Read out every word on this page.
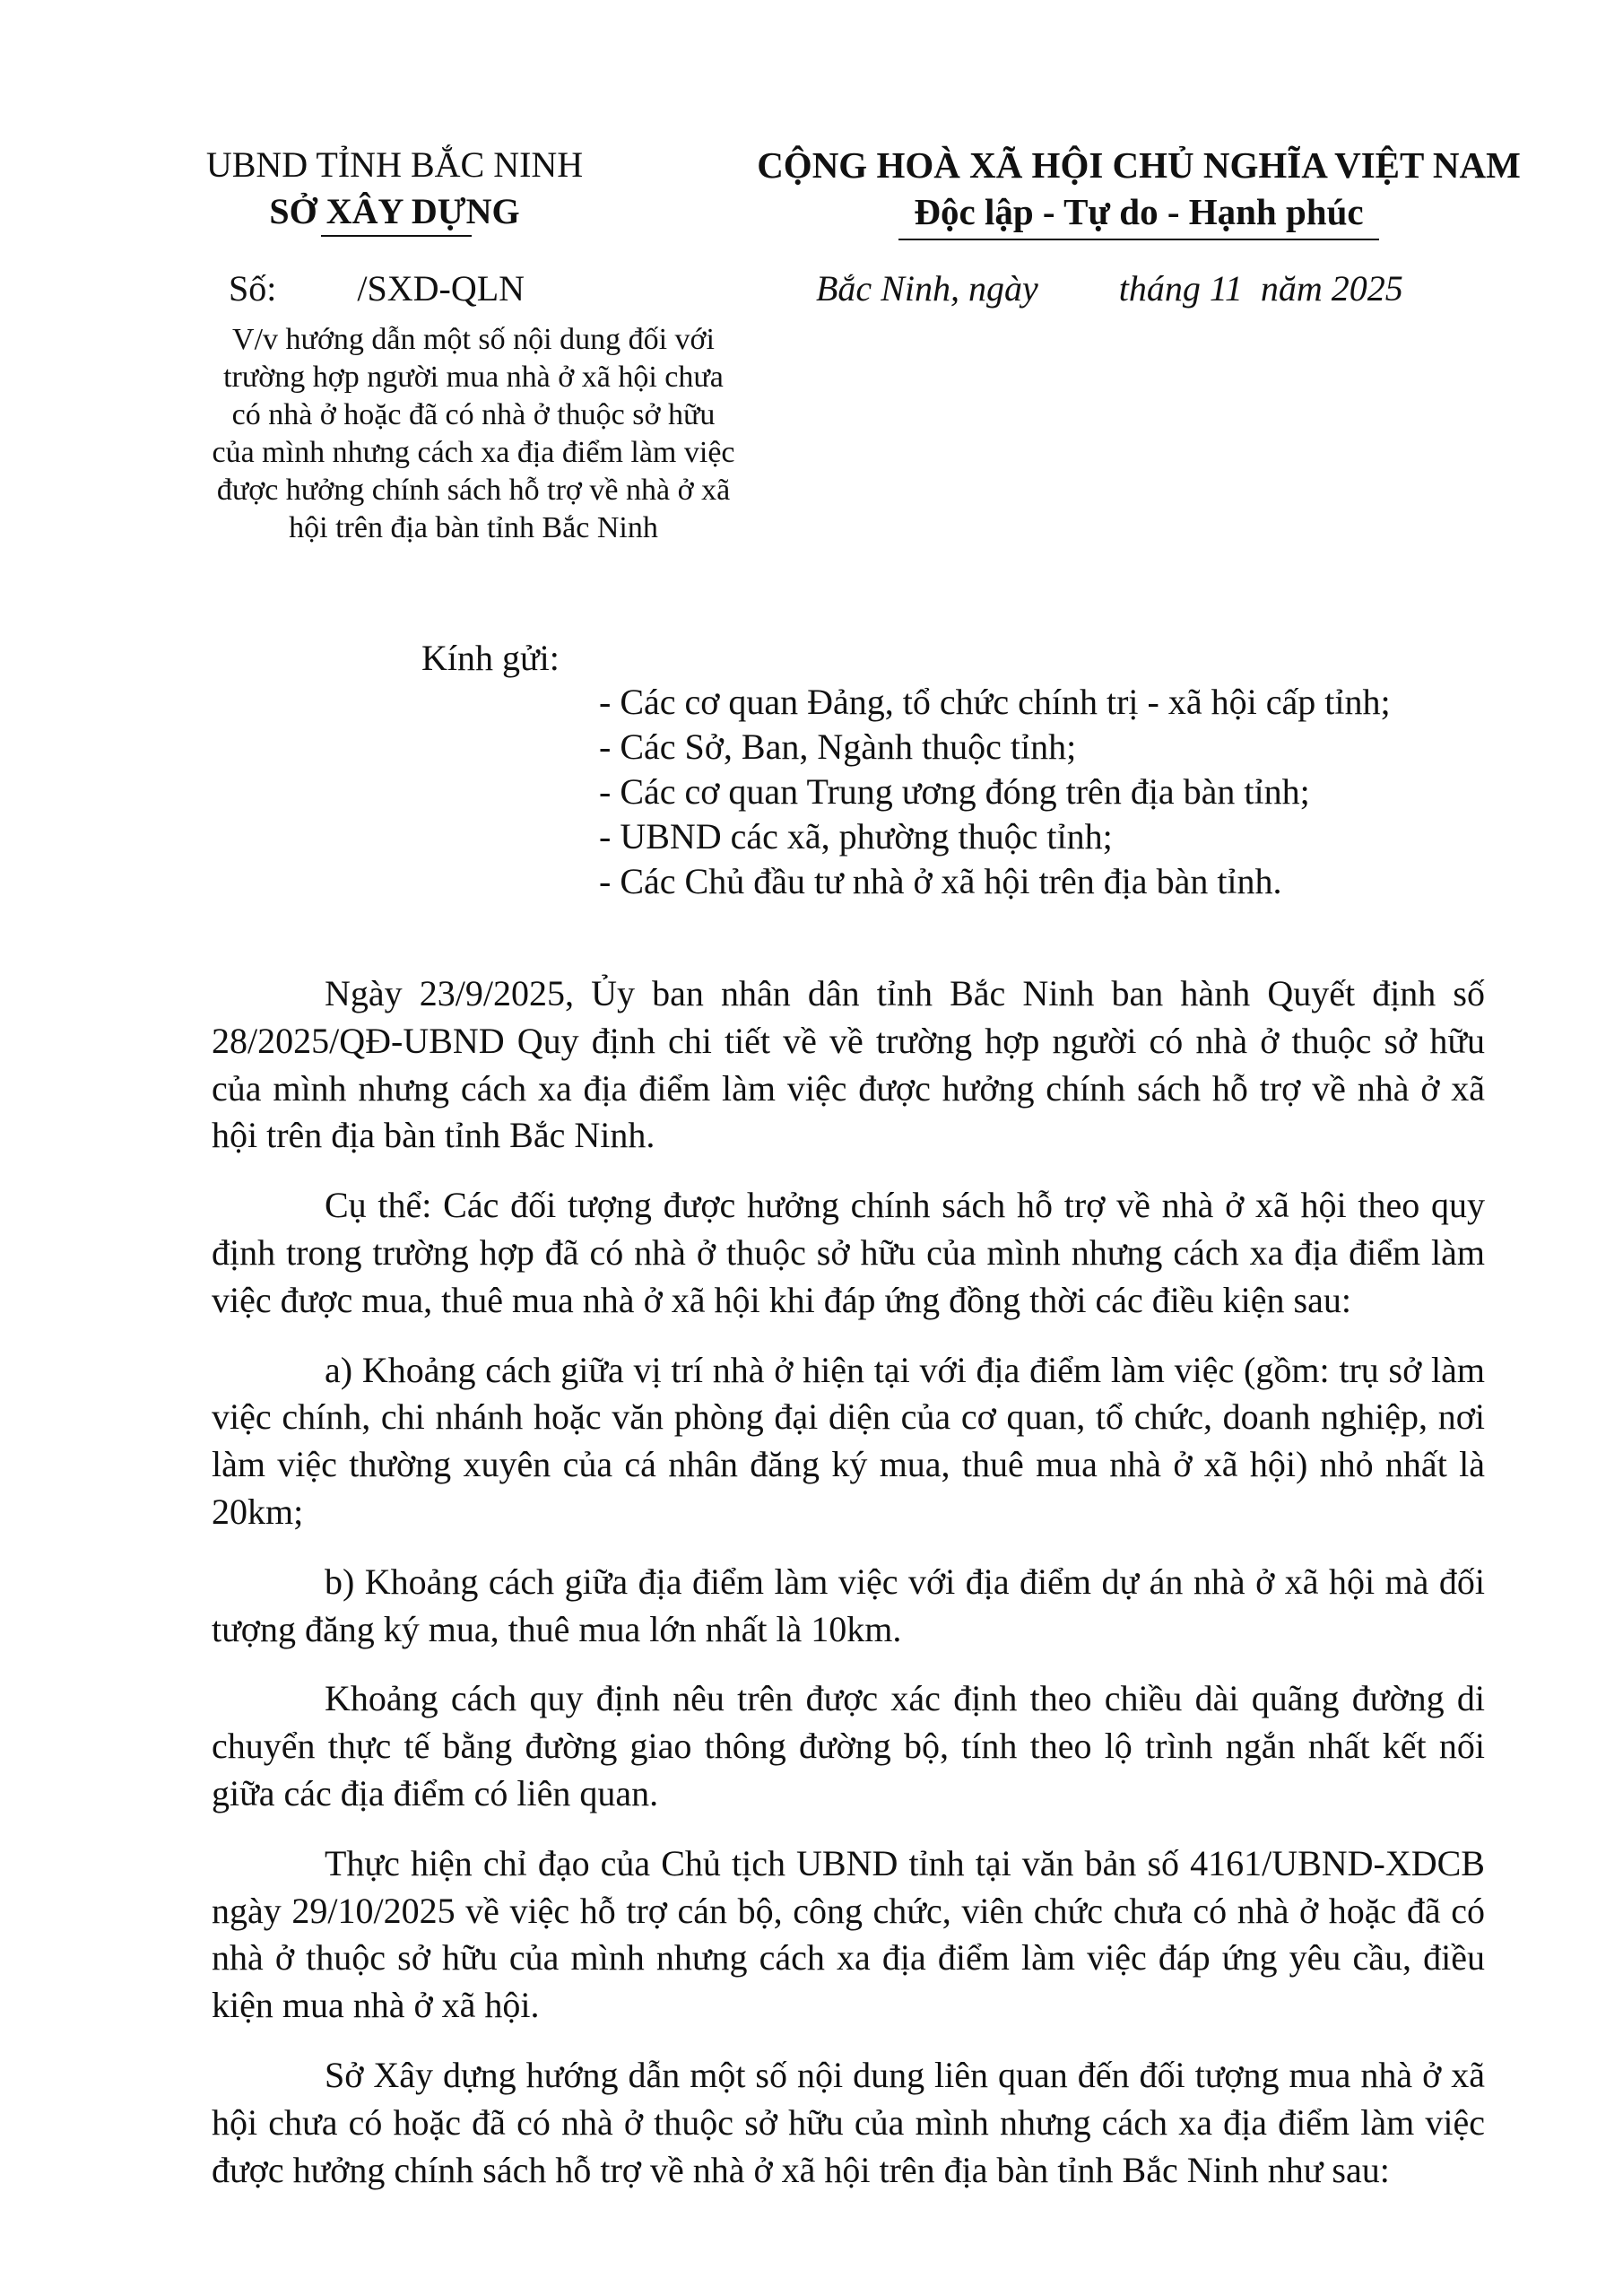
UBND TỈNH BẮC NINH
SỞ XÂY DỰNG
CỘNG HOÀ XÃ HỘI CHỦ NGHĨA VIỆT NAM
Độc lập - Tự do - Hạnh phúc
Số:         /SXD-QLN	Bắc Ninh, ngày         tháng 11  năm 2025
V/v hướng dẫn một số nội dung đối với trường hợp người mua nhà ở xã hội chưa có nhà ở hoặc đã có nhà ở thuộc sở hữu của mình nhưng cách xa địa điểm làm việc được hưởng chính sách hỗ trợ về nhà ở xã hội trên địa bàn tỉnh Bắc Ninh
Kính gửi:
- Các cơ quan Đảng, tổ chức chính trị - xã hội cấp tỉnh;
- Các Sở, Ban, Ngành thuộc tỉnh;
- Các cơ quan Trung ương đóng trên địa bàn tỉnh;
- UBND các xã, phường thuộc tỉnh;
- Các Chủ đầu tư nhà ở xã hội trên địa bàn tỉnh.

Ngày 23/9/2025, Ủy ban nhân dân tỉnh Bắc Ninh ban hành Quyết định số 28/2025/QĐ-UBND Quy định chi tiết về về trường hợp người có nhà ở thuộc sở hữu của mình nhưng cách xa địa điểm làm việc được hưởng chính sách hỗ trợ về nhà ở xã hội trên địa bàn tỉnh Bắc Ninh.

Cụ thể: Các đối tượng được hưởng chính sách hỗ trợ về nhà ở xã hội theo quy định trong trường hợp đã có nhà ở thuộc sở hữu của mình nhưng cách xa địa điểm làm việc được mua, thuê mua nhà ở xã hội khi đáp ứng đồng thời các điều kiện sau:

a) Khoảng cách giữa vị trí nhà ở hiện tại với địa điểm làm việc (gồm: trụ sở làm việc chính, chi nhánh hoặc văn phòng đại diện của cơ quan, tổ chức, doanh nghiệp, nơi làm việc thường xuyên của cá nhân đăng ký mua, thuê mua nhà ở xã hội) nhỏ nhất là 20km;

b) Khoảng cách giữa địa điểm làm việc với địa điểm dự án nhà ở xã hội mà đối tượng đăng ký mua, thuê mua lớn nhất là 10km.

Khoảng cách quy định nêu trên được xác định theo chiều dài quãng đường di chuyển thực tế bằng đường giao thông đường bộ, tính theo lộ trình ngắn nhất kết nối giữa các địa điểm có liên quan.

Thực hiện chỉ đạo của Chủ tịch UBND tỉnh tại văn bản số 4161/UBND-XDCB ngày 29/10/2025 về việc hỗ trợ cán bộ, công chức, viên chức chưa có nhà ở hoặc đã có nhà ở thuộc sở hữu của mình nhưng cách xa địa điểm làm việc đáp ứng yêu cầu, điều kiện mua nhà ở xã hội.

Sở Xây dựng hướng dẫn một số nội dung liên quan đến đối tượng mua nhà ở xã hội chưa có hoặc đã có nhà ở thuộc sở hữu của mình nhưng cách xa địa điểm làm việc được hưởng chính sách hỗ trợ về nhà ở xã hội trên địa bàn tỉnh Bắc Ninh như sau:
